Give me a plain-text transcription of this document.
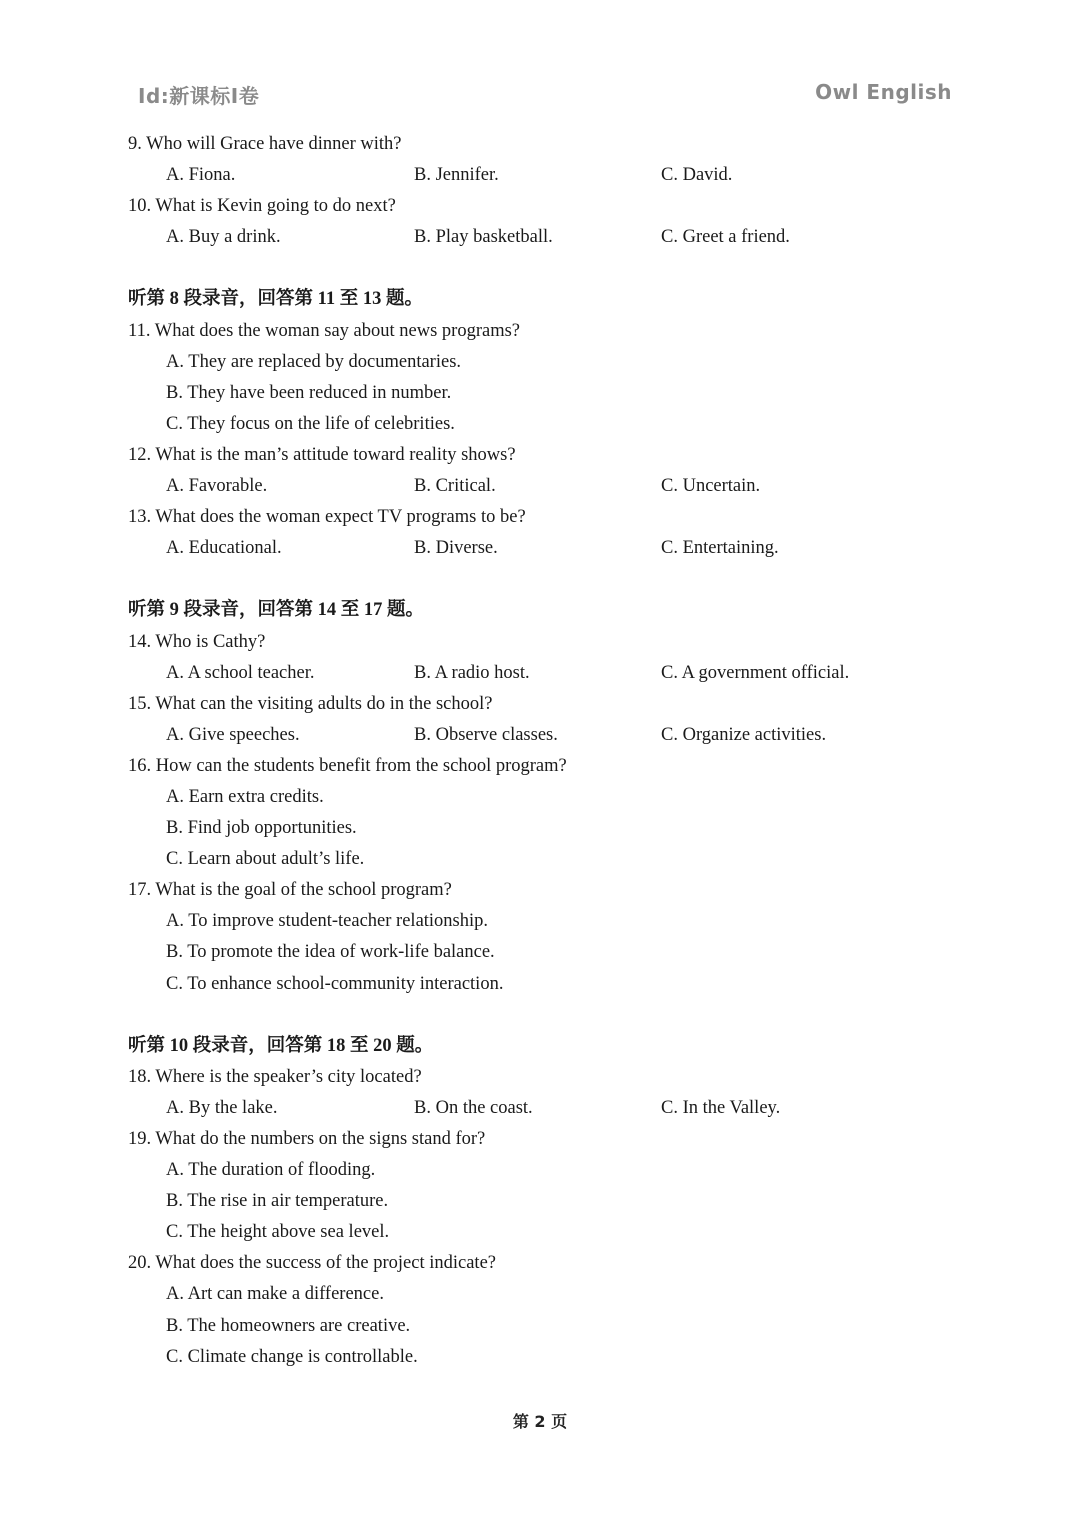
Id:新课标I卷	Owl English
9. Who will Grace have dinner with?
A. Fiona.	B. Jennifer.	C. David.
10. What is Kevin going to do next?
A. Buy a drink.	B. Play basketball.	C. Greet a friend.
听第 8 段录音，回答第 11 至 13 题。
11. What does the woman say about news programs?
A. They are replaced by documentaries.
B. They have been reduced in number.
C. They focus on the life of celebrities.
12. What is the man’s attitude toward reality shows?
A. Favorable.	B. Critical.	C. Uncertain.
13. What does the woman expect TV programs to be?
A. Educational.	B. Diverse.	C. Entertaining.
听第 9 段录音，回答第 14 至 17 题。
14. Who is Cathy?
A. A school teacher.	B. A radio host.	C. A government official.
15. What can the visiting adults do in the school?
A. Give speeches.	B. Observe classes.	C. Organize activities.
16. How can the students benefit from the school program?
A. Earn extra credits.
B. Find job opportunities.
C. Learn about adult’s life.
17. What is the goal of the school program?
A. To improve student-teacher relationship.
B. To promote the idea of work-life balance.
C. To enhance school-community interaction.
听第 10 段录音，回答第 18 至 20 题。
18. Where is the speaker’s city located?
A. By the lake.	B. On the coast.	C. In the Valley.
19. What do the numbers on the signs stand for?
A. The duration of flooding.
B. The rise in air temperature.
C. The height above sea level.
20. What does the success of the project indicate?
A. Art can make a difference.
B. The homeowners are creative.
C. Climate change is controllable.
第 2 页
